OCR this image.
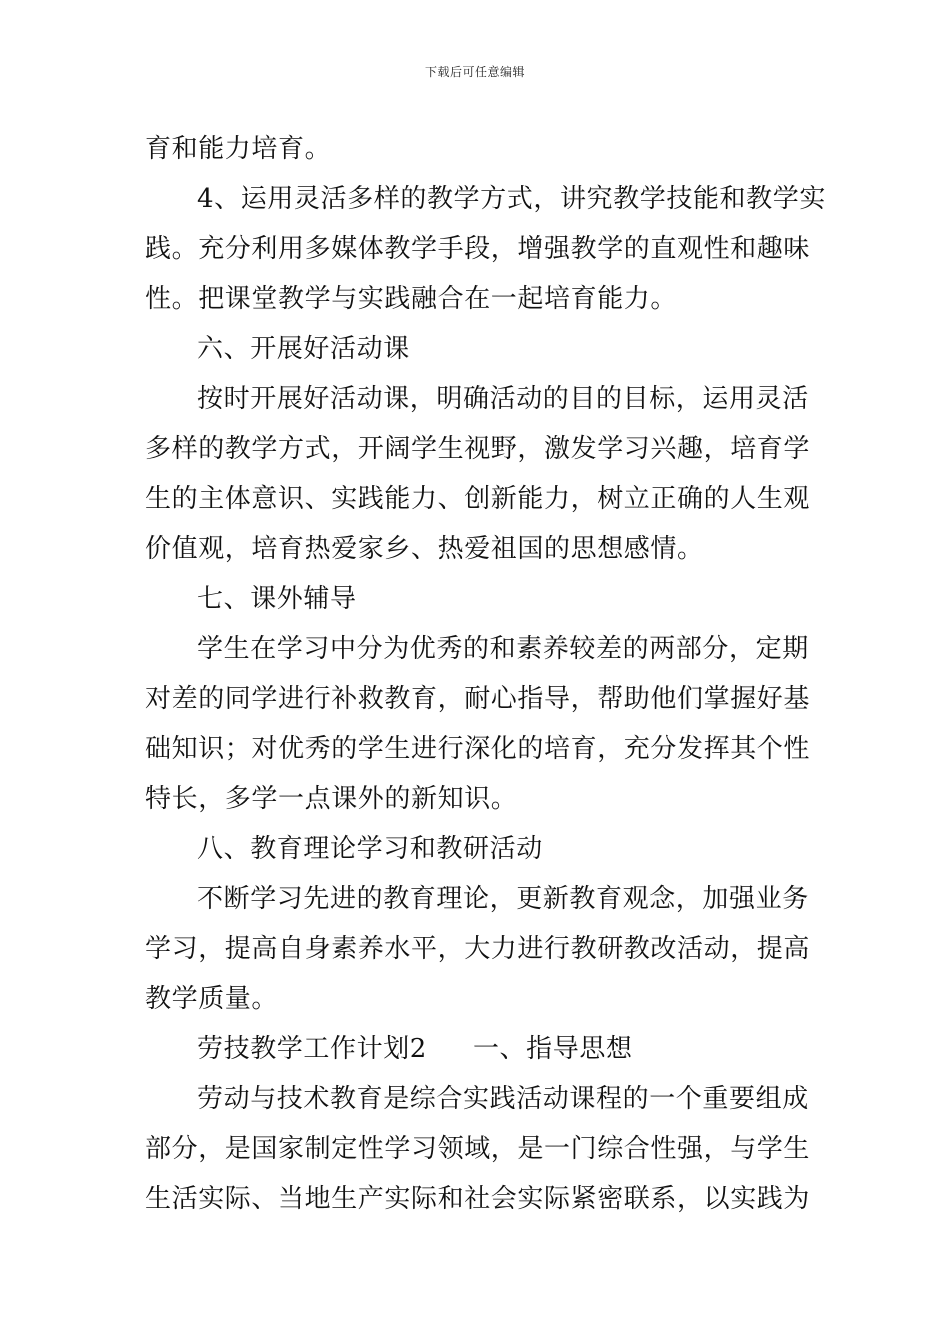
下载后可任意编辑
育和能力培育。
4、运用灵活多样的教学方式，讲究教学技能和教学实
践。充分利用多媒体教学手段，增强教学的直观性和趣味
性。把课堂教学与实践融合在一起培育能力。
六、开展好活动课
按时开展好活动课，明确活动的目的目标，运用灵活
多样的教学方式，开阔学生视野，激发学习兴趣，培育学
生的主体意识、实践能力、创新能力，树立正确的人生观
价值观，培育热爱家乡、热爱祖国的思想感情。
七、课外辅导
学生在学习中分为优秀的和素养较差的两部分，定期
对差的同学进行补救教育，耐心指导，帮助他们掌握好基
础知识；对优秀的学生进行深化的培育，充分发挥其个性
特长，多学一点课外的新知识。
八、教育理论学习和教研活动
不断学习先进的教育理论，更新教育观念，加强业务
学习，提高自身素养水平，大力进行教研教改活动，提高
教学质量。
劳技教学工作计划2 一、指导思想
劳动与技术教育是综合实践活动课程的一个重要组成
部分，是国家制定性学习领域，是一门综合性强，与学生
生活实际、当地生产实际和社会实际紧密联系，以实践为
